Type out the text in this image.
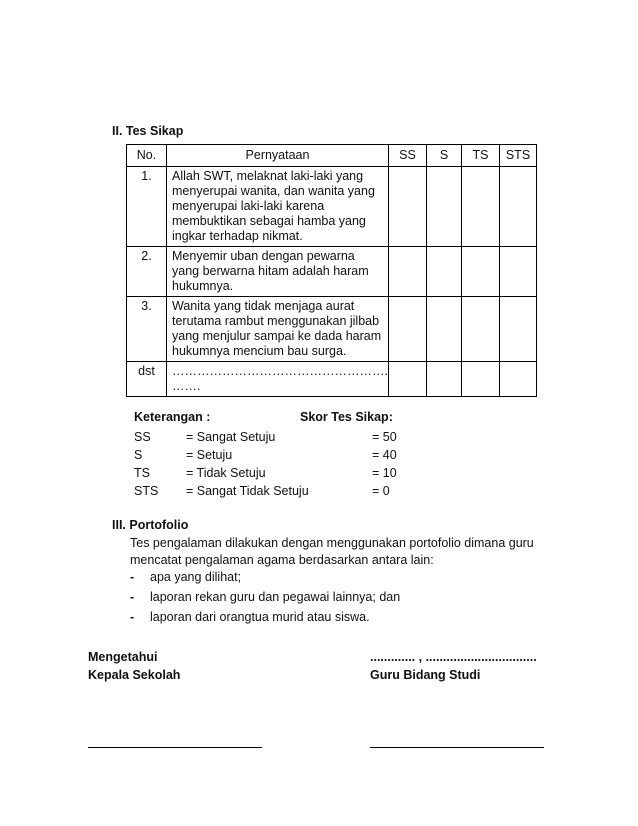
II. Tes Sikap
No.	Pernyataan	SS	S	TS	STS
1.	Allah SWT, melaknat laki-laki yang menyerupai wanita, dan wanita yang menyerupai laki-laki karena membuktikan sebagai hamba yang ingkar terhadap nikmat.				
2.	Menyemir uban dengan pewarna yang berwarna hitam adalah haram hukumnya.				
3.	Wanita yang tidak menjaga aurat terutama rambut menggunakan jilbab yang menjulur sampai ke dada haram hukumnya mencium bau surga.				
dst	……………………………………………. …….				
Keterangan :	Skor Tes Sikap:
SS	= Sangat Setuju	= 50
S	= Setuju	= 40
TS	= Tidak Setuju	= 10
STS = Sangat Tidak Setuju	= 0
III. Portofolio
Tes pengalaman dilakukan dengan menggunakan portofolio dimana guru
mencatat pengalaman agama berdasarkan antara lain:
- apa yang dilihat;
- laporan rekan guru dan pegawai lainnya; dan
- laporan dari orangtua murid atau siswa.
Mengetahui
Kepala Sekolah
............. , ................................
Guru Bidang Studi
